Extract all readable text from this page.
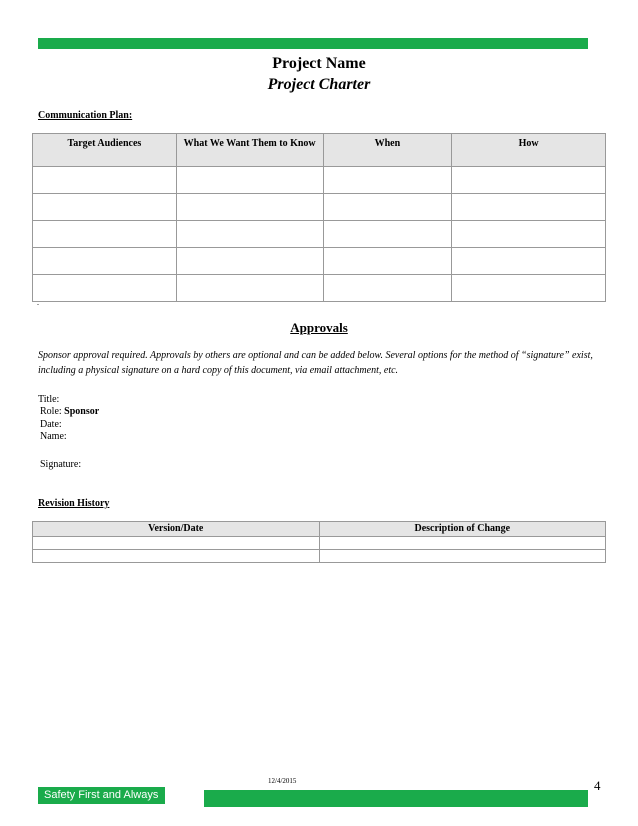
Project Name
Project Charter
Communication Plan:
Target Audiences	What We Want Them to Know	When	How

.
Approvals
Sponsor approval required. Approvals by others are optional and can be added below. Several options for the method of “signature” exist, including a physical signature on a hard copy of this document, via email attachment, etc.
Title:
Role: Sponsor
Date:
Name:
Signature:
Revision History
Version/Date	Description of Change

12/4/2015	4
Safety First and Always
